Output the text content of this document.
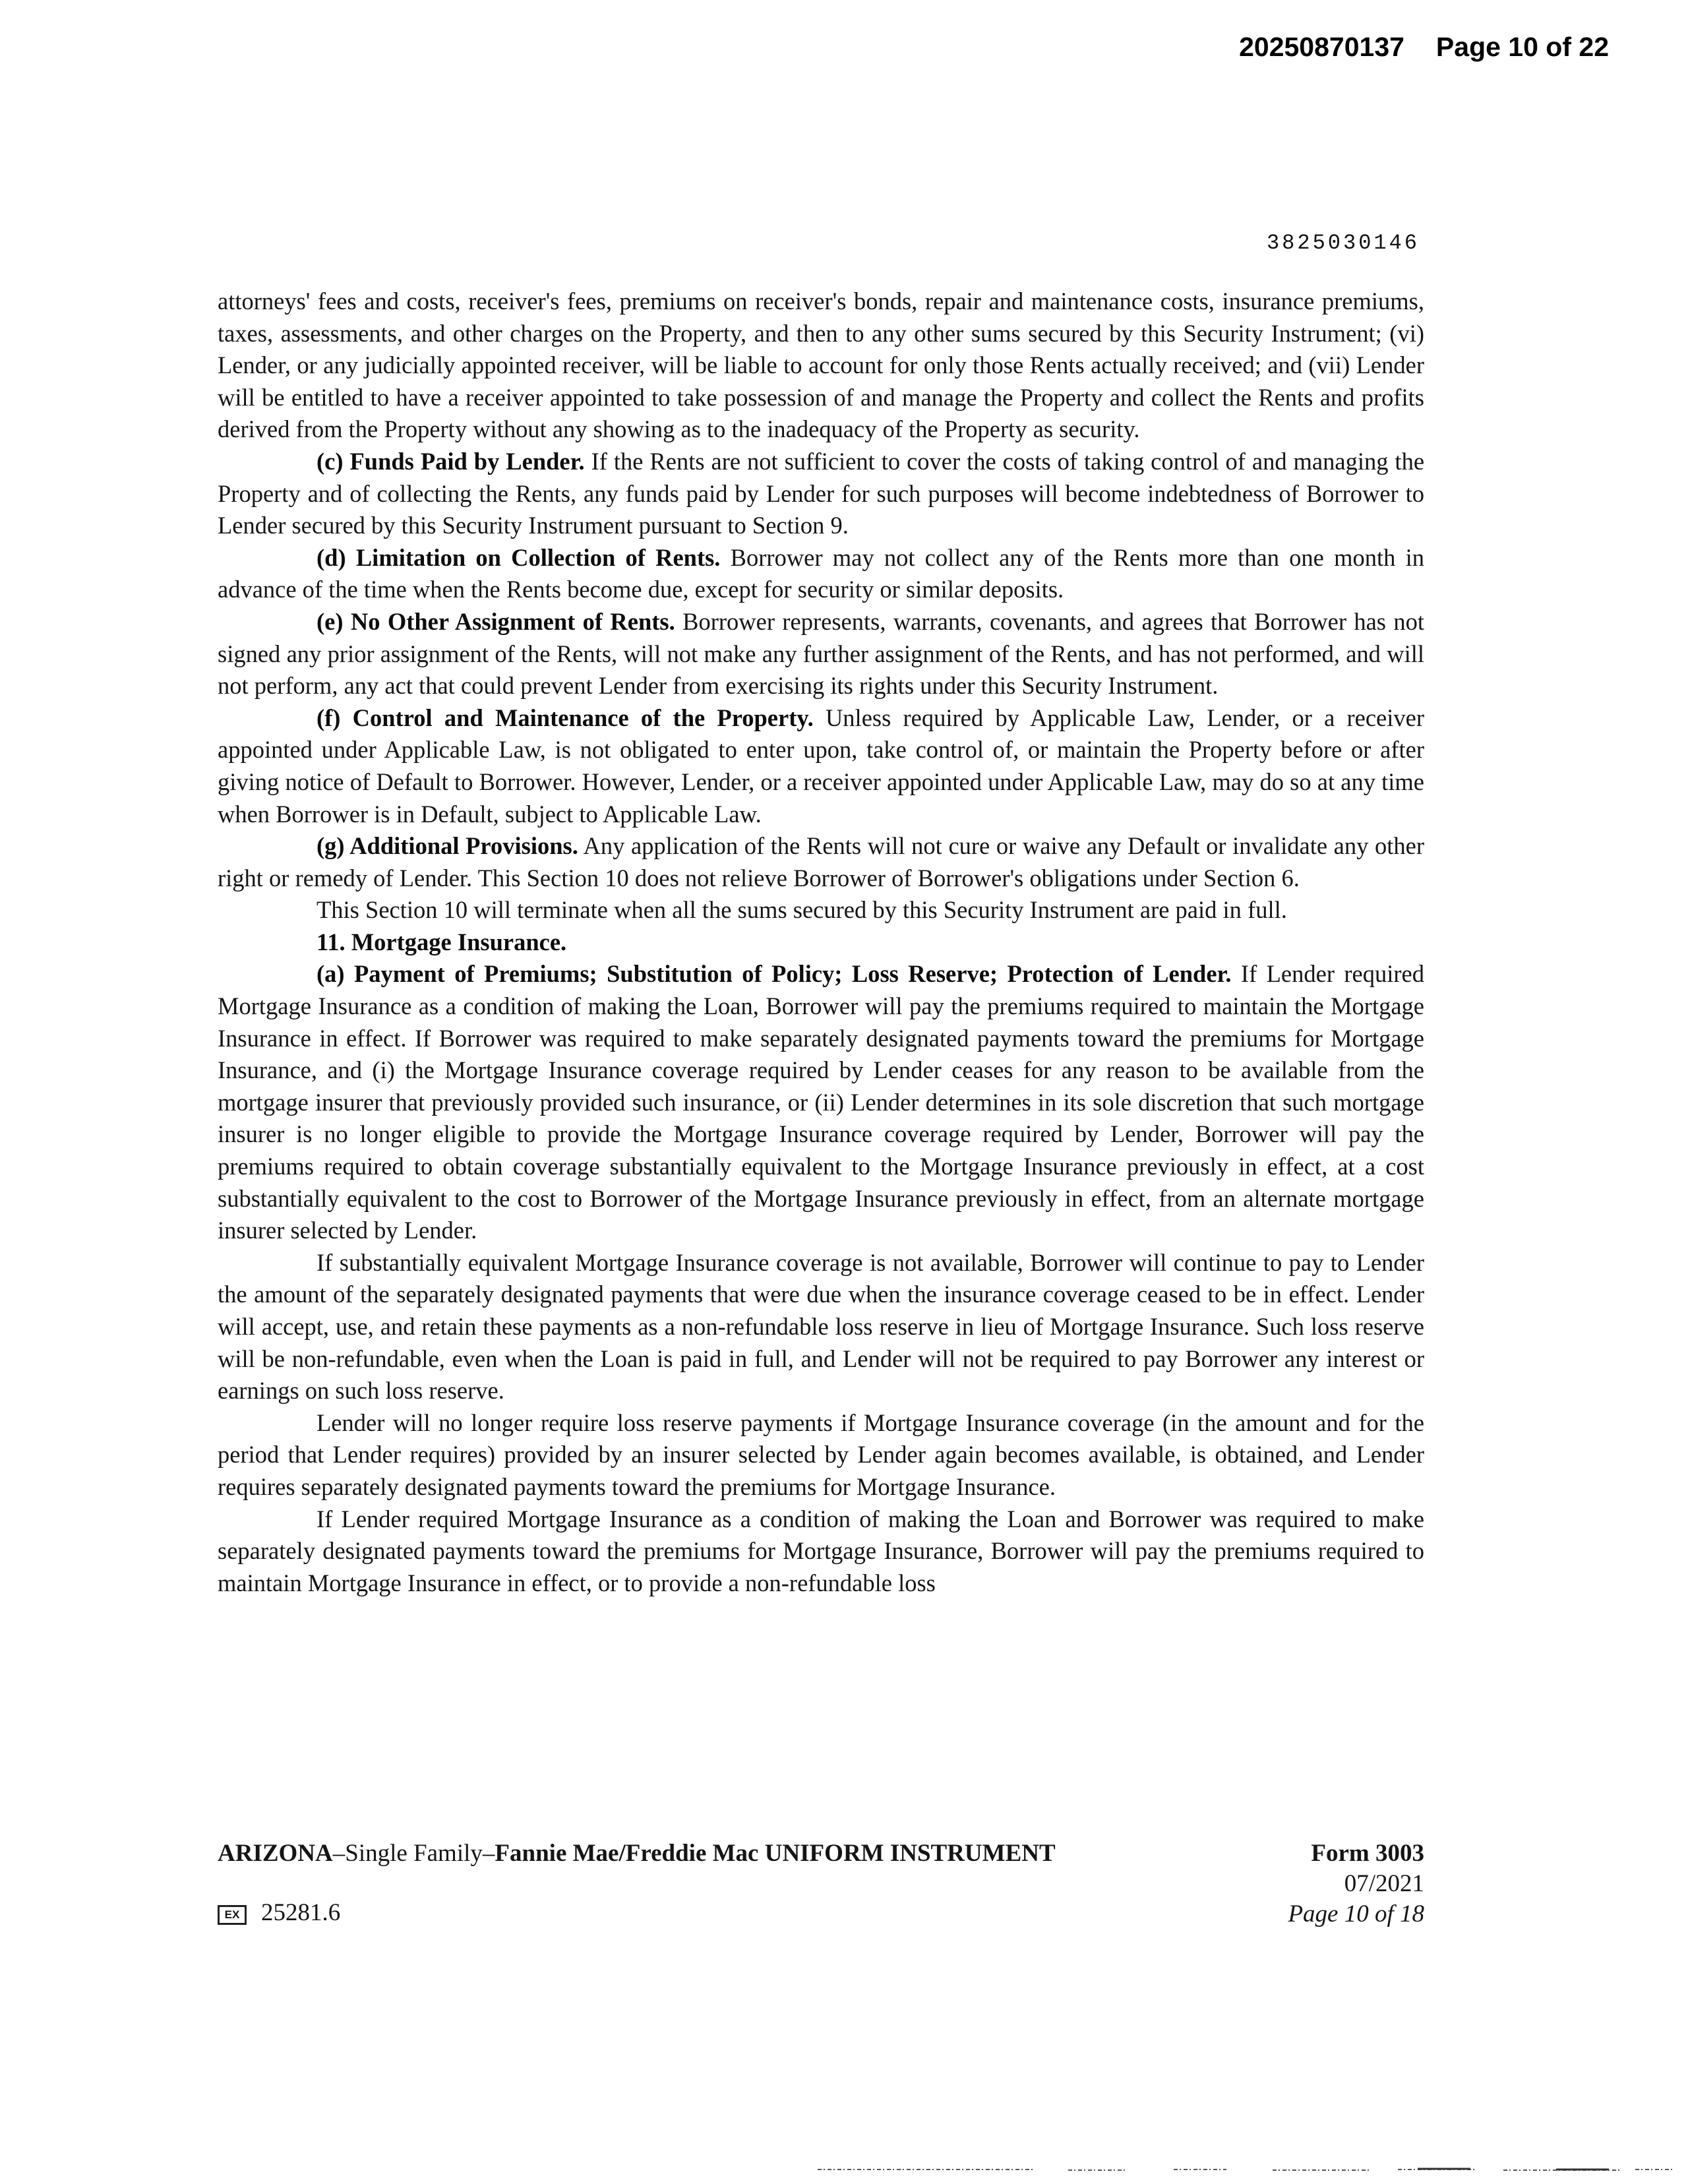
20250870137 Page 10 of 22
3825030146

attorneys' fees and costs, receiver's fees, premiums on receiver's bonds, repair and maintenance costs, insurance premiums, taxes, assessments, and other charges on the Property, and then to any other sums secured by this Security Instrument; (vi) Lender, or any judicially appointed receiver, will be liable to account for only those Rents actually received; and (vii) Lender will be entitled to have a receiver appointed to take possession of and manage the Property and collect the Rents and profits derived from the Property without any showing as to the inadequacy of the Property as security.

(c) Funds Paid by Lender. If the Rents are not sufficient to cover the costs of taking control of and managing the Property and of collecting the Rents, any funds paid by Lender for such purposes will become indebtedness of Borrower to Lender secured by this Security Instrument pursuant to Section 9.

(d) Limitation on Collection of Rents. Borrower may not collect any of the Rents more than one month in advance of the time when the Rents become due, except for security or similar deposits.

(e) No Other Assignment of Rents. Borrower represents, warrants, covenants, and agrees that Borrower has not signed any prior assignment of the Rents, will not make any further assignment of the Rents, and has not performed, and will not perform, any act that could prevent Lender from exercising its rights under this Security Instrument.

(f) Control and Maintenance of the Property. Unless required by Applicable Law, Lender, or a receiver appointed under Applicable Law, is not obligated to enter upon, take control of, or maintain the Property before or after giving notice of Default to Borrower. However, Lender, or a receiver appointed under Applicable Law, may do so at any time when Borrower is in Default, subject to Applicable Law.

(g) Additional Provisions. Any application of the Rents will not cure or waive any Default or invalidate any other right or remedy of Lender. This Section 10 does not relieve Borrower of Borrower's obligations under Section 6.

This Section 10 will terminate when all the sums secured by this Security Instrument are paid in full.

11. Mortgage Insurance.

(a) Payment of Premiums; Substitution of Policy; Loss Reserve; Protection of Lender. If Lender required Mortgage Insurance as a condition of making the Loan, Borrower will pay the premiums required to maintain the Mortgage Insurance in effect. If Borrower was required to make separately designated payments toward the premiums for Mortgage Insurance, and (i) the Mortgage Insurance coverage required by Lender ceases for any reason to be available from the mortgage insurer that previously provided such insurance, or (ii) Lender determines in its sole discretion that such mortgage insurer is no longer eligible to provide the Mortgage Insurance coverage required by Lender, Borrower will pay the premiums required to obtain coverage substantially equivalent to the Mortgage Insurance previously in effect, at a cost substantially equivalent to the cost to Borrower of the Mortgage Insurance previously in effect, from an alternate mortgage insurer selected by Lender.

If substantially equivalent Mortgage Insurance coverage is not available, Borrower will continue to pay to Lender the amount of the separately designated payments that were due when the insurance coverage ceased to be in effect. Lender will accept, use, and retain these payments as a non-refundable loss reserve in lieu of Mortgage Insurance. Such loss reserve will be non-refundable, even when the Loan is paid in full, and Lender will not be required to pay Borrower any interest or earnings on such loss reserve.

Lender will no longer require loss reserve payments if Mortgage Insurance coverage (in the amount and for the period that Lender requires) provided by an insurer selected by Lender again becomes available, is obtained, and Lender requires separately designated payments toward the premiums for Mortgage Insurance.

If Lender required Mortgage Insurance as a condition of making the Loan and Borrower was required to make separately designated payments toward the premiums for Mortgage Insurance, Borrower will pay the premiums required to maintain Mortgage Insurance in effect, or to provide a non-refundable loss

ARIZONA–Single Family–Fannie Mae/Freddie Mac UNIFORM INSTRUMENT	Form 3003
07/2021
Page 10 of 18
EX 25281.6
